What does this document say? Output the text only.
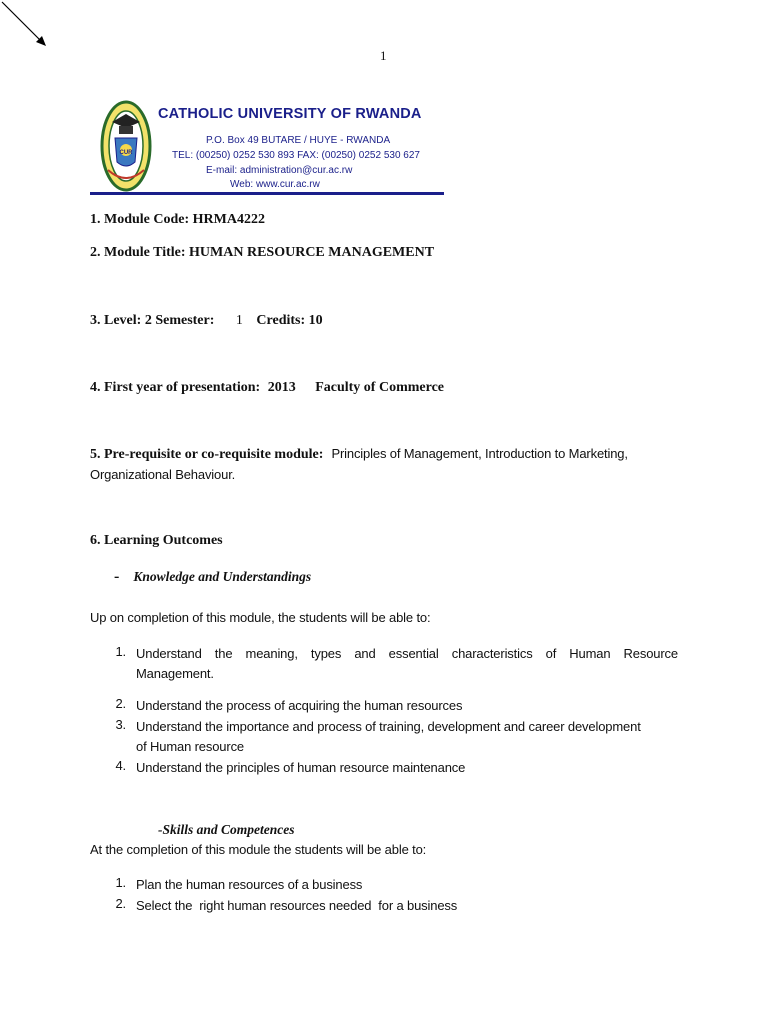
1
CUR
CATHOLIC UNIVERSITY OF RWANDA
P.O. Box 49 BUTARE / HUYE - RWANDA
TEL: (00250) 0252 530 893 FAX: (00250) 0252 530 627
E-mail: administration@cur.ac.rw
Web: www.cur.ac.rw
1. Module Code: HRMA4222
2. Module Title: HUMAN RESOURCE MANAGEMENT
3. Level: 2 Semester: 1 Credits: 10
4. First year of presentation: 2013 Faculty of Commerce
5. Pre-requisite or co-requisite module: Principles of Management, Introduction to Marketing,
Organizational Behaviour.
6. Learning Outcomes
- Knowledge and Understandings
Up on completion of this module, the students will be able to:
1. Understand the meaning, types and essential characteristics of Human Resource
Management.
2. Understand the process of acquiring the human resources
3. Understand the importance and process of training, development and career development
of Human resource
4. Understand the principles of human resource maintenance
-Skills and Competences
At the completion of this module the students will be able to:
1. Plan the human resources of a business
2. Select the  right human resources needed  for a business
